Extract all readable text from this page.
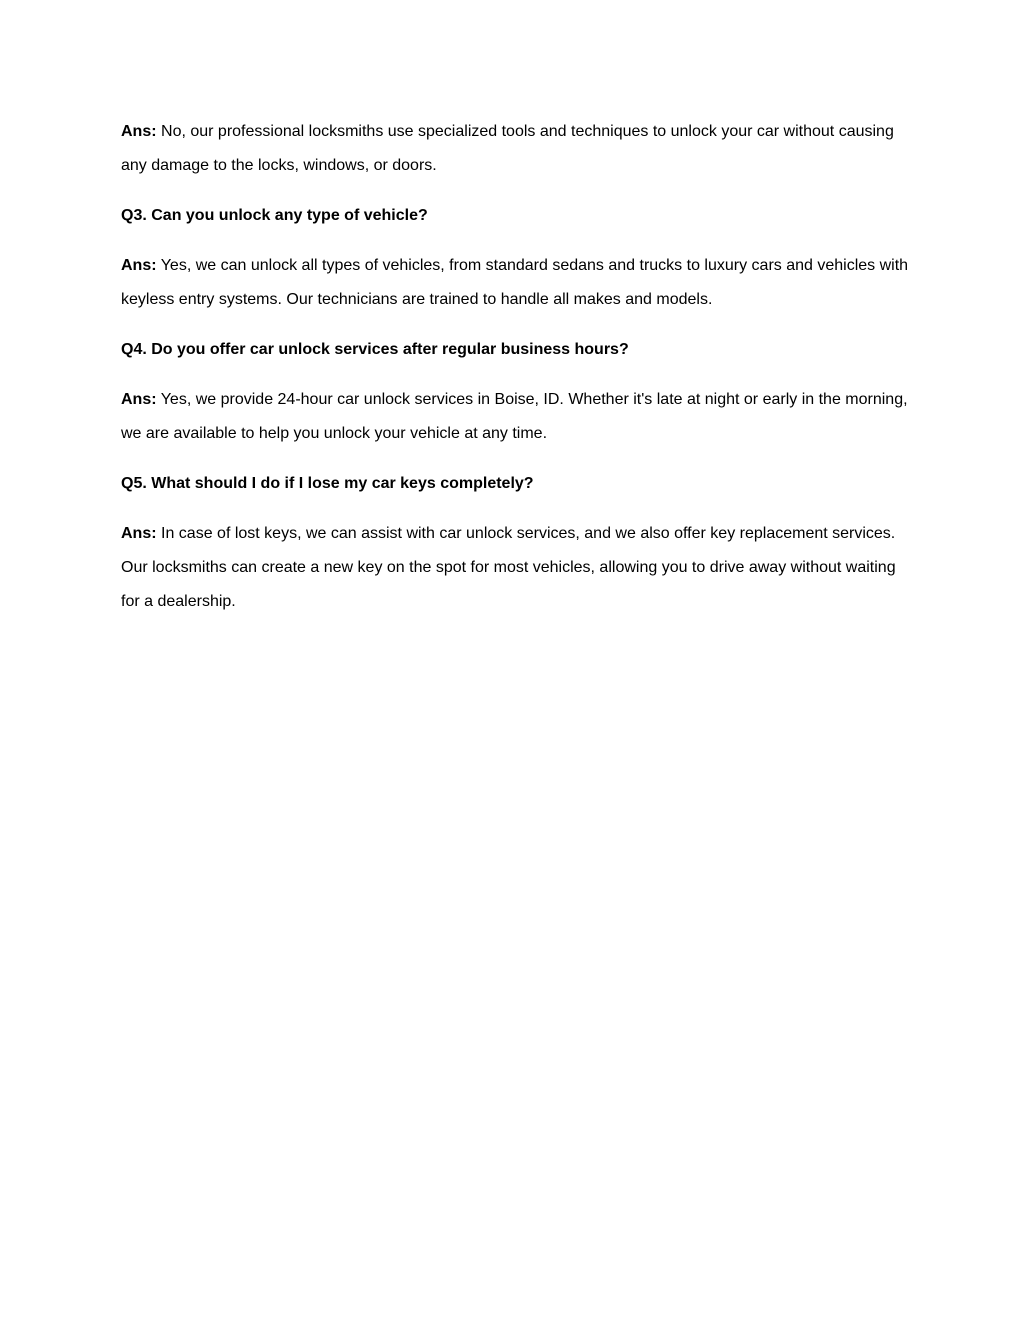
Ans: No, our professional locksmiths use specialized tools and techniques to unlock your car without causing any damage to the locks, windows, or doors.

Q3. Can you unlock any type of vehicle?

Ans: Yes, we can unlock all types of vehicles, from standard sedans and trucks to luxury cars and vehicles with keyless entry systems. Our technicians are trained to handle all makes and models.

Q4. Do you offer car unlock services after regular business hours?

Ans: Yes, we provide 24-hour car unlock services in Boise, ID. Whether it's late at night or early in the morning, we are available to help you unlock your vehicle at any time.

Q5. What should I do if I lose my car keys completely?

Ans: In case of lost keys, we can assist with car unlock services, and we also offer key replacement services. Our locksmiths can create a new key on the spot for most vehicles, allowing you to drive away without waiting for a dealership.
